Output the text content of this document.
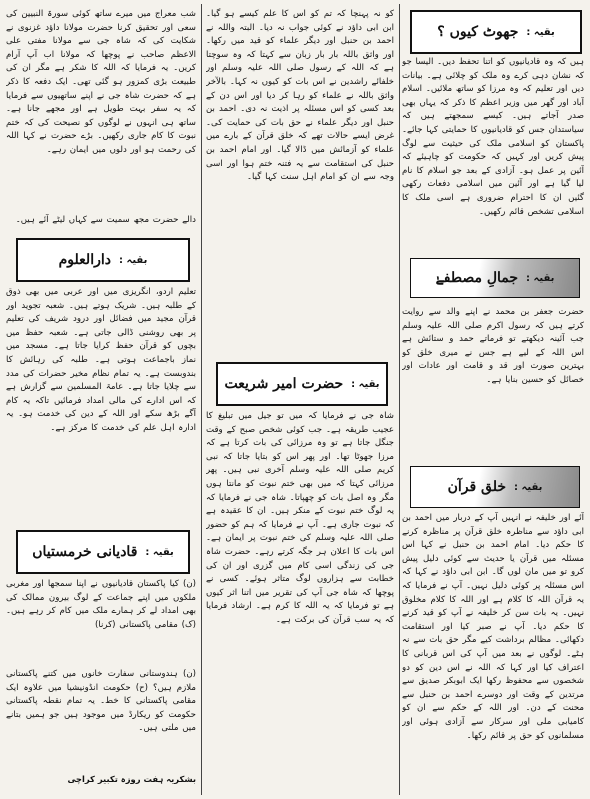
بقیہ :
جھوٹ کیوں ؟
ہیں کہ وہ قادیانیوں کو اتنا تحفظ دیں۔ الیسا جو کہ نشان دہی کرے وہ ملک کو چلائی ہے۔ بیانات دیں اور تعلیم کہ وہ مرزا کو ساتھ ملائیں۔ اسلام آباد اور گھر میں وزیر اعظم کا ذکر کہ یہاں بھی صدر آجاتے ہیں۔ کیسے سمجھتے ہیں کہ سیاستدان جس کو قادیانیوں کا حمایتی کہا جائے۔ پاکستان کو اسلامی ملک کی حیثیت سے لوگ پیش کریں اور کہیں کہ حکومت کو چاہیئے کہ آئین پر عمل ہو۔ آزادی کے بعد جو اسلام کا نام لیا گیا ہے اور آئین میں اسلامی دفعات رکھی گئیں ان کا احترام ضروری ہے اسی ملک کا اسلامی تشخص قائم رکھیں۔
بقیہ :
جمالِ مصطفےٰ
حضرت جعفر بن محمد نے اپنے والد سے روایت کرتے ہیں کہ رسول اکرم صلی اللہ علیہ وسلم جب آئینہ دیکھتے تو فرماتے حمد و ستائش ہے اس اللہ کے لیے ہے جس نے میری خلق کو بہترین صورت اور قد و قامت اور عادات اور خصائل کو حسین بنایا ہے۔
بقیہ :
خلق قرآن
آئے اور خلیفہ نے انہیں آپ کے دربار میں احمد بن ابی داؤد سے مناظرہ خلق قرآن پر مناظرہ کرنے کا حکم دیا۔ امام احمد بن حنبل نے کہا اس مسئلہ میں قرآن یا حدیث سے کوئی دلیل پیش کرو تو میں مان لوں گا۔ ابن ابی داؤد نے کہا کہ اس مسئلہ پر کوئی دلیل نہیں۔ آپ نے فرمایا کہ یہ قرآن اللہ کا کلام ہے اور اللہ کا کلام مخلوق نہیں۔ یہ بات سن کر خلیفہ نے آپ کو قید کرنے کا حکم دیا۔ آپ نے صبر کیا اور استقامت دکھائی۔ مظالم برداشت کیے مگر حق بات سے نہ ہٹے۔ لوگوں نے بعد میں آپ کی اس قربانی کا اعتراف کیا اور کہا کہ اللہ نے اس دین کو دو شخصوں سے محفوظ رکھا ایک ابوبکر صدیق سے مرتدین کے وقت اور دوسرے احمد بن حنبل سے محنت کے دن۔ اور اللہ کے حکم سے ان کو کامیابی ملی اور سرکار سے آزادی ہوئی اور مسلمانوں کو حق پر قائم رکھا۔
کو نہ پہنچا کہ تم کو اس کا علم کیسے ہو گیا۔ ابن ابی داؤد نے کوئی جواب نہ دیا۔ البتہ واللہ نے احمد بن حنبل اور دیگر علماء کو قید میں رکھا۔ اور واثق باللہ بار بار زبان سے کہتا کہ وہ سوچتا ہے کہ اللہ کے رسول صلی اللہ علیہ وسلم اور خلفائے راشدین نے اس بات کو کیوں نہ کہا۔ بالآخر واثق باللہ نے علماء کو رہا کر دیا اور اس دن کے بعد کسی کو اس مسئلہ پر اذیت نہ دی۔ احمد بن حنبل اور دیگر علماء نے حق بات کی حمایت کی۔ غرض ایسے حالات تھے کہ خلق قرآن کے بارے میں علماء کو آزمائش میں ڈالا گیا۔ اور امام احمد بن حنبل کی استقامت سے یہ فتنہ ختم ہوا اور اسی وجہ سے ان کو امام اہل سنت کہا گیا۔
بقیہ :
حضرت امیر شریعت
شاہ جی نے فرمایا کہ میں تو جیل میں تبلیغ کا عجیب طریقہ ہے۔ جب کوئی شخص صبح کے وقت جنگل جاتا ہے تو وہ مرزائی کی بات کرتا ہے کہ مرزا جھوٹا تھا۔ اور پھر اس کو بتایا جاتا کہ نبی کریم صلی اللہ علیہ وسلم آخری نبی ہیں۔ پھر مرزائی کہتا کہ میں بھی ختم نبوت کو مانتا ہوں مگر وہ اصل بات کو چھپاتا۔ شاہ جی نے فرمایا کہ یہ لوگ ختم نبوت کے منکر ہیں۔ ان کا عقیدہ ہے کہ نبوت جاری ہے۔ آپ نے فرمایا کہ ہم کو حضور صلی اللہ علیہ وسلم کی ختم نبوت پر ایمان ہے۔ اس بات کا اعلان ہر جگہ کرتے رہے۔ حضرت شاہ جی کی زندگی اسی کام میں گزری اور ان کی خطابت سے ہزاروں لوگ متاثر ہوئے۔ کسی نے پوچھا کہ شاہ جی آپ کی تقریر میں اتنا اثر کیوں ہے تو فرمایا کہ یہ اللہ کا کرم ہے۔ ارشاد فرمایا کہ یہ سب قرآن کی برکت ہے۔
شب معراج میں میرے ساتھ کوئی سورۃ النبیین کی سعی اور تحقیق کرنا حضرت مولانا داؤد غزنوی نے شکایت کی کہ شاہ جی سے مولانا مفتی علی الاعظم صاحب نے پوچھا کہ مولانا اب آپ آرام کریں۔ یہ فرمایا کہ اللہ کا شکر ہے مگر ان کی طبیعت بڑی کمزور ہو گئی تھی۔ ایک دفعہ کا ذکر ہے کہ حضرت شاہ جی نے اپنے ساتھیوں سے فرمایا کہ یہ سفر بہت طویل ہے اور مجھے جانا ہے۔ ساتھ ہی انہوں نے لوگوں کو نصیحت کی کہ ختم نبوت کا کام جاری رکھیں۔ بڑے حضرت نے کہا اللہ کی رحمت ہو اور دلوں میں ایمان رہے۔
دالے حضرت مجھ سمیت سے کہاں لیٹے آئے ہیں۔
بقیہ :
دارالعلوم
تعلیم اردو، انگریزی میں اور عربی میں بھی ذوق کے طلبہ ہیں۔ شریک ہوتے ہیں۔ شعبہ تجوید اور قرآن مجید میں فضائل اور درود شریف کی تعلیم پر بھی روشنی ڈالی جاتی ہے۔ شعبہ حفظ میں بچوں کو قرآن حفظ کرایا جاتا ہے۔ مسجد میں نماز باجماعت ہوتی ہے۔ طلبہ کی رہائش کا بندوبست ہے۔ یہ تمام نظام مخیر حضرات کی مدد سے چلایا جاتا ہے۔ عامۃ المسلمین سے گزارش ہے کہ اس ادارے کی مالی امداد فرمائیں تاکہ یہ کام آگے بڑھ سکے اور اللہ کے دین کی خدمت ہو۔ یہ ادارہ اہل علم کی خدمت کا مرکز ہے۔
بقیہ :
قادیانی خرمستیاں
(ن) کیا پاکستان قادیانیوں نے اپنا سمجھا اور مغربی ملکوں میں اپنے جماعت کے لوگ بیرون ممالک کی بھی امداد لے کر ہمارے ملک میں کام کر رہے ہیں۔ (ک) مقامی پاکستانی (کرنا)
(ن) ہندوستانی سفارت خانوں میں کتنے پاکستانی ملازم ہیں؟ (ح) حکومت انڈونیشیا میں علاوہ ایک مقامی پاکستانی کا خط۔ یہ تمام نقطہ پاکستانی حکومت کو ریکارڈ میں موجود ہیں جو ہمیں بتانے میں ملتی ہیں۔
بشکریہ ہفت روزہ تکبیر کراچی
